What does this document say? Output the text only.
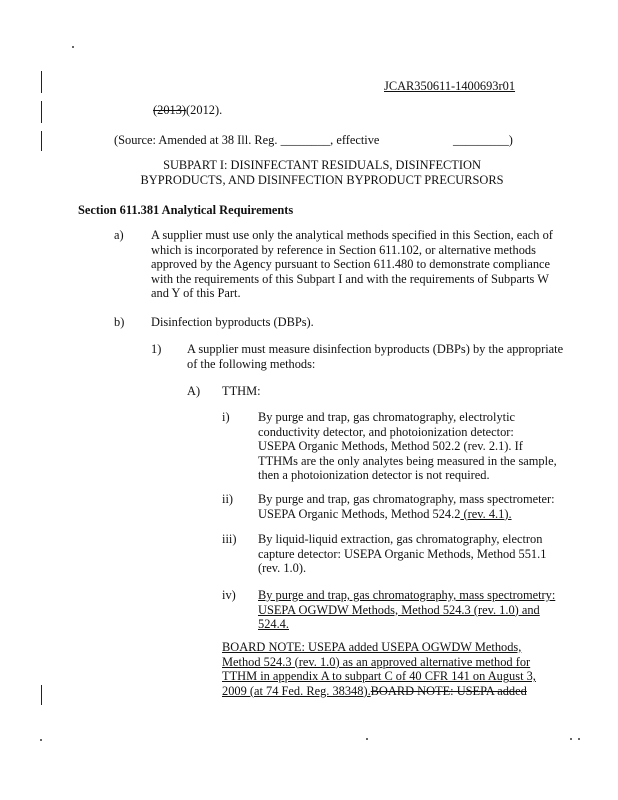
JCAR350611-1400693r01
(2013)(2012).
(Source: Amended at 38 Ill. Reg. ________, effective	_________)
SUBPART I: DISINFECTANT RESIDUALS, DISINFECTION
BYPRODUCTS, AND DISINFECTION BYPRODUCT PRECURSORS
Section 611.381 Analytical Requirements
a) A supplier must use only the analytical methods specified in this Section, each of
which is incorporated by reference in Section 611.102, or alternative methods
approved by the Agency pursuant to Section 611.480 to demonstrate compliance
with the requirements of this Subpart I and with the requirements of Subparts W
and Y of this Part.
b) Disinfection byproducts (DBPs).
1) A supplier must measure disinfection byproducts (DBPs) by the appropriate
of the following methods:
A) TTHM:
i) By purge and trap, gas chromatography, electrolytic
conductivity detector, and photoionization detector:
USEPA Organic Methods, Method 502.2 (rev. 2.1). If
TTHMs are the only analytes being measured in the sample,
then a photoionization detector is not required.
ii) By purge and trap, gas chromatography, mass spectrometer:
USEPA Organic Methods, Method 524.2 (rev. 4.1).
iii) By liquid-liquid extraction, gas chromatography, electron
capture detector: USEPA Organic Methods, Method 551.1
(rev. 1.0).
iv) By purge and trap, gas chromatography, mass spectrometry:
USEPA OGWDW Methods, Method 524.3 (rev. 1.0) and
524.4.
BOARD NOTE: USEPA added USEPA OGWDW Methods,
Method 524.3 (rev. 1.0) as an approved alternative method for
TTHM in appendix A to subpart C of 40 CFR 141 on August 3,
2009 (at 74 Fed. Reg. 38348).BOARD NOTE: USEPA added
